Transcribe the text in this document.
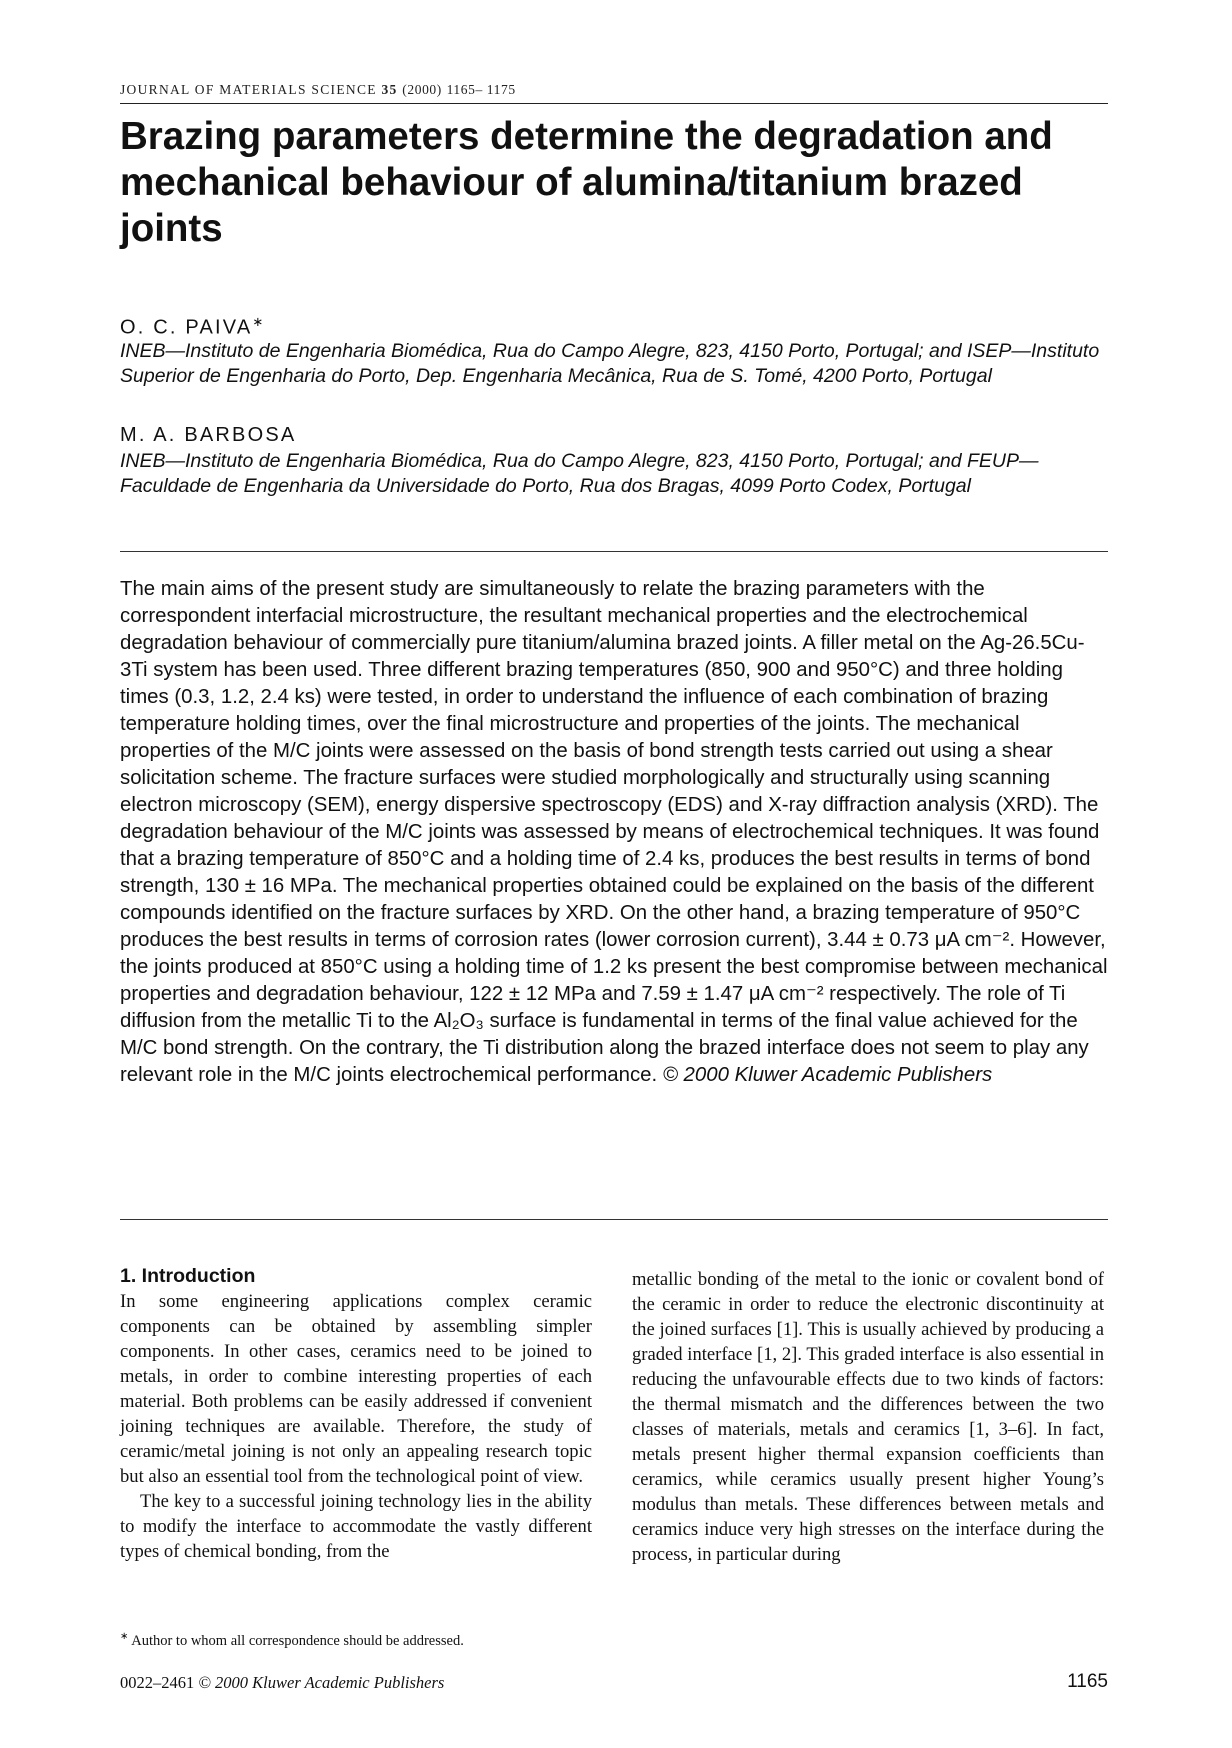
JOURNAL OF MATERIALS SCIENCE 35 (2000) 1165– 1175
Brazing parameters determine the degradation and mechanical behaviour of alumina/titanium brazed joints
O. C. PAIVA∗
INEB—Instituto de Engenharia Biomédica, Rua do Campo Alegre, 823, 4150 Porto, Portugal; and ISEP—Instituto Superior de Engenharia do Porto, Dep. Engenharia Mecânica, Rua de S. Tomé, 4200 Porto, Portugal
M. A. BARBOSA
INEB—Instituto de Engenharia Biomédica, Rua do Campo Alegre, 823, 4150 Porto, Portugal; and FEUP—Faculdade de Engenharia da Universidade do Porto, Rua dos Bragas, 4099 Porto Codex, Portugal

The main aims of the present study are simultaneously to relate the brazing parameters with the correspondent interfacial microstructure, the resultant mechanical properties and the electrochemical degradation behaviour of commercially pure titanium/alumina brazed joints. A filler metal on the Ag-26.5Cu-3Ti system has been used. Three different brazing temperatures (850, 900 and 950°C) and three holding times (0.3, 1.2, 2.4 ks) were tested, in order to understand the influence of each combination of brazing temperature holding times, over the final microstructure and properties of the joints. The mechanical properties of the M/C joints were assessed on the basis of bond strength tests carried out using a shear solicitation scheme. The fracture surfaces were studied morphologically and structurally using scanning electron microscopy (SEM), energy dispersive spectroscopy (EDS) and X-ray diffraction analysis (XRD). The degradation behaviour of the M/C joints was assessed by means of electrochemical techniques. It was found that a brazing temperature of 850°C and a holding time of 2.4 ks, produces the best results in terms of bond strength, 130 ± 16 MPa. The mechanical properties obtained could be explained on the basis of the different compounds identified on the fracture surfaces by XRD. On the other hand, a brazing temperature of 950°C produces the best results in terms of corrosion rates (lower corrosion current), 3.44 ± 0.73 μA cm⁻². However, the joints produced at 850°C using a holding time of 1.2 ks present the best compromise between mechanical properties and degradation behaviour, 122 ± 12 MPa and 7.59 ± 1.47 μA cm⁻² respectively. The role of Ti diffusion from the metallic Ti to the Al₂O₃ surface is fundamental in terms of the final value achieved for the M/C bond strength. On the contrary, the Ti distribution along the brazed interface does not seem to play any relevant role in the M/C joints electrochemical performance. © 2000 Kluwer Academic Publishers

1. Introduction

In some engineering applications complex ceramic components can be obtained by assembling simpler components. In other cases, ceramics need to be joined to metals, in order to combine interesting properties of each material. Both problems can be easily addressed if convenient joining techniques are available. Therefore, the study of ceramic/metal joining is not only an appealing research topic but also an essential tool from the technological point of view.

The key to a successful joining technology lies in the ability to modify the interface to accommodate the vastly different types of chemical bonding, from the

metallic bonding of the metal to the ionic or covalent bond of the ceramic in order to reduce the electronic discontinuity at the joined surfaces [1]. This is usually achieved by producing a graded interface [1, 2]. This graded interface is also essential in reducing the unfavourable effects due to two kinds of factors: the thermal mismatch and the differences between the two classes of materials, metals and ceramics [1, 3–6]. In fact, metals present higher thermal expansion coefficients than ceramics, while ceramics usually present higher Young’s modulus than metals. These differences between metals and ceramics induce very high stresses on the interface during the process, in particular during

∗ Author to whom all correspondence should be addressed.
0022–2461 © 2000 Kluwer Academic Publishers	1165
